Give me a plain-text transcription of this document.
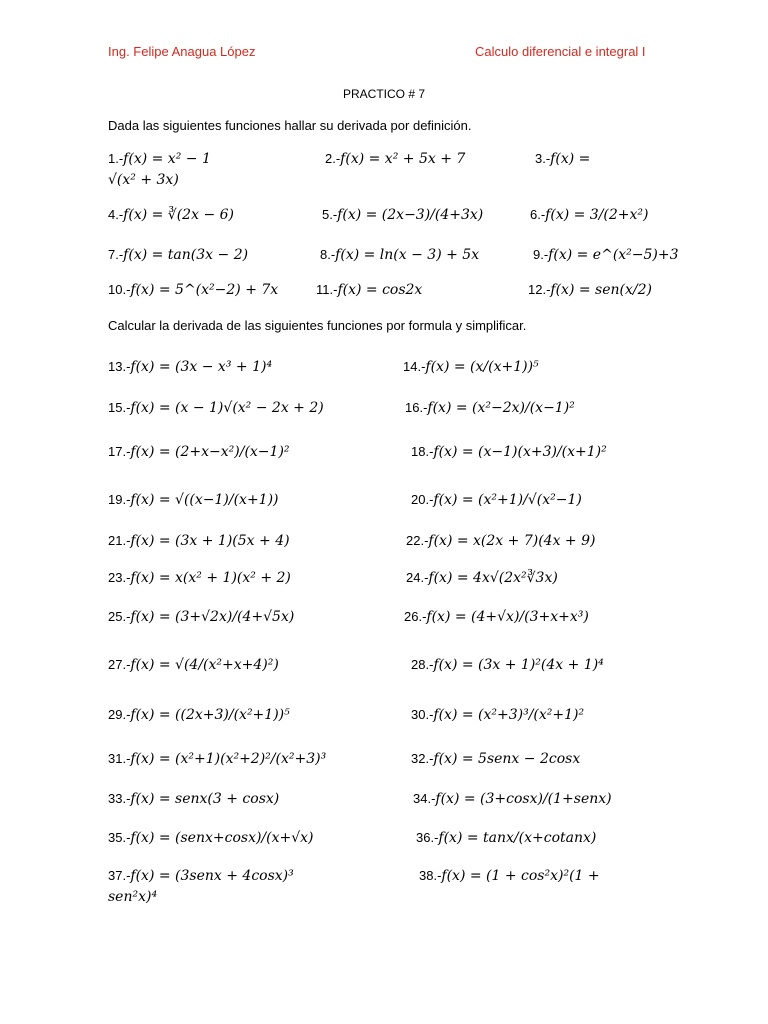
Ing. Felipe Anagua López	Calculo diferencial e integral I
PRACTICO # 7
Dada las siguientes funciones hallar su derivada por definición.
1.-f(x) = x² − 1	2.-f(x) = x² + 5x + 7	3.-f(x) =
√(x² + 3x)
4.-f(x) = ∛(2x − 6)	5.-f(x) = (2x−3)/(4+3x)	6.-f(x) = 3/(2+x²)
7.-f(x) = tan(3x − 2)	8.-f(x) = ln(x − 3) + 5x	9.-f(x) = e^(x²−5)+3
10.-f(x) = 5^(x²−2) + 7x	11.-f(x) = cos2x	12.-f(x) = sen(x/2)
Calcular la derivada de las siguientes funciones por formula y simplificar.
13.-f(x) = (3x − x³ + 1)⁴	14.-f(x) = (x/(x+1))⁵
15.-f(x) = (x − 1)√(x² − 2x + 2)	16.-f(x) = (x²−2x)/(x−1)²
17.-f(x) = (2+x−x²)/(x−1)²	18.-f(x) = (x−1)(x+3)/(x+1)²
19.-f(x) = √((x−1)/(x+1))	20.-f(x) = (x²+1)/√(x²−1)
21.-f(x) = (3x + 1)(5x + 4)	22.-f(x) = x(2x + 7)(4x + 9)
23.-f(x) = x(x² + 1)(x² + 2)	24.-f(x) = 4x√(2x²∛3x)
25.-f(x) = (3+√2x)/(4+√5x)	26.-f(x) = (4+√x)/(3+x+x³)
27.-f(x) = √(4/(x²+x+4)²)	28.-f(x) = (3x + 1)²(4x + 1)⁴
29.-f(x) = ((2x+3)/(x²+1))⁵	30.-f(x) = (x²+3)³/(x²+1)²
31.-f(x) = (x²+1)(x²+2)²/(x²+3)³	32.-f(x) = 5senx − 2cosx
33.-f(x) = senx(3 + cosx)	34.-f(x) = (3+cosx)/(1+senx)
35.-f(x) = (senx+cosx)/(x+√x)	36.-f(x) = tanx/(x+cotanx)
37.-f(x) = (3senx + 4cosx)³	38.-f(x) = (1 + cos²x)²(1 +
sen²x)⁴
